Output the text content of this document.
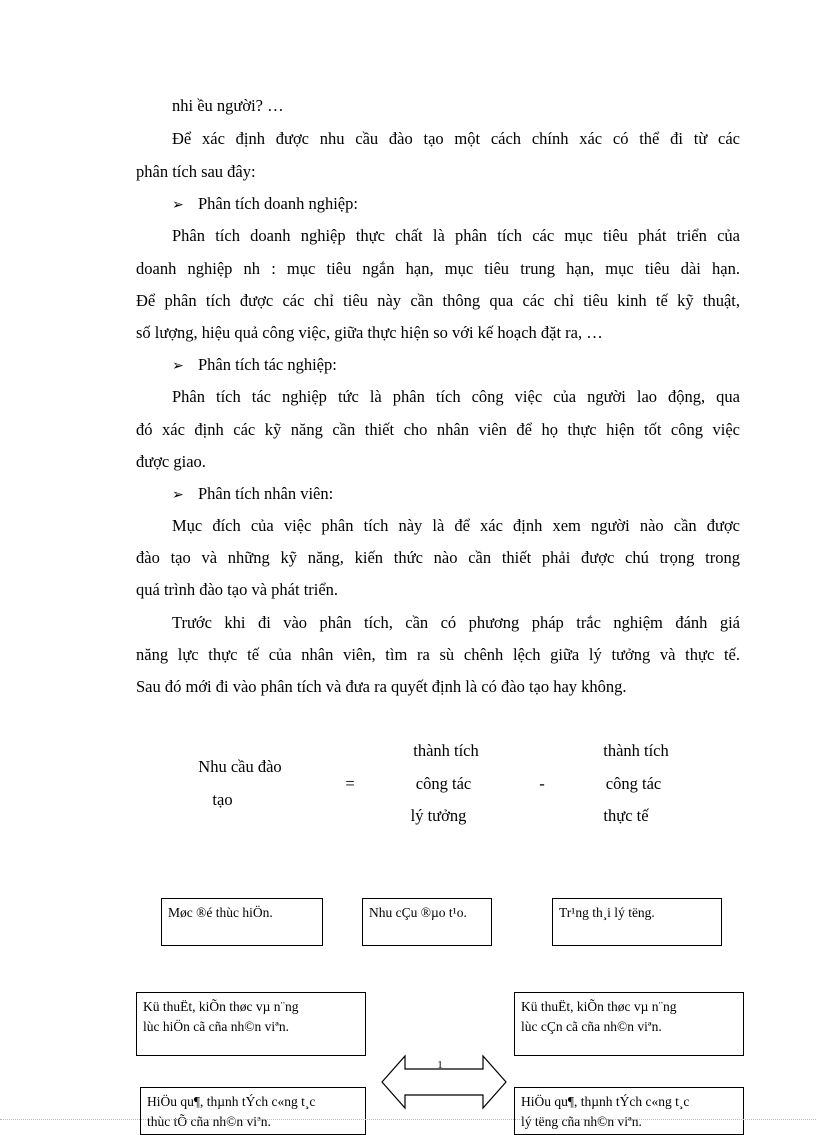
nhi ều người? …
Để xác định được nhu cầu đào tạo một cách chính xác có thể đi từ các
phân tích sau đây:
➢ Phân tích doanh nghiệp:
Phân tích doanh nghiệp thực chất là phân tích các mục tiêu phát triển của
doanh nghiệp nh : mục tiêu ngắn hạn, mục tiêu trung hạn, mục tiêu dài hạn.
Để phân tích được các chỉ tiêu này cần thông qua các chỉ tiêu kinh tế kỹ thuật,
số lượng, hiệu quả công việc, giữa thực hiện so với kế hoạch đặt ra, …
➢ Phân tích tác nghiệp:
Phân tích tác nghiệp tức là phân tích công việc của người lao động, qua
đó xác định các kỹ năng cần thiết cho nhân viên để họ thực hiện tốt công việc
được giao.
➢ Phân tích nhân viên:
Mục đích của việc phân tích này là để xác định xem người nào cần được
đào tạo và những kỹ năng, kiến thức nào cần thiết phải được chú trọng trong
quá trình đào tạo và phát triển.
Trước khi đi vào phân tích, cần có phương pháp trắc nghiệm đánh giá
năng lực thực tế của nhân viên, tìm ra sù chênh lệch giữa lý tưởng và thực tế.
Sau đó mới đi vào phân tích và đưa ra quyết định là có đào tạo hay không.
Nhu cầu đào
tạo
=
thành tích
công tác
lý tưởng
-
thành tích
công tác
thực tế
Møc ®é thùc hiÖn.	Nhu cÇu ®µo t¹o.	Tr¹ng th¸i lý tëng.
Kü thuËt, kiÕn thøc vµ n¨ng
lùc hiÖn cã cña nh©n viªn.
Kü thuËt, kiÕn thøc vµ n¨ng
lùc cÇn cã cña nh©n viªn.
1
HiÖu qu¶, thµnh tÝch c«ng t¸c
thùc tÕ cña nh©n viªn.
HiÖu qu¶, thµnh tÝch c«ng t¸c
lý tëng cña nh©n viªn.
